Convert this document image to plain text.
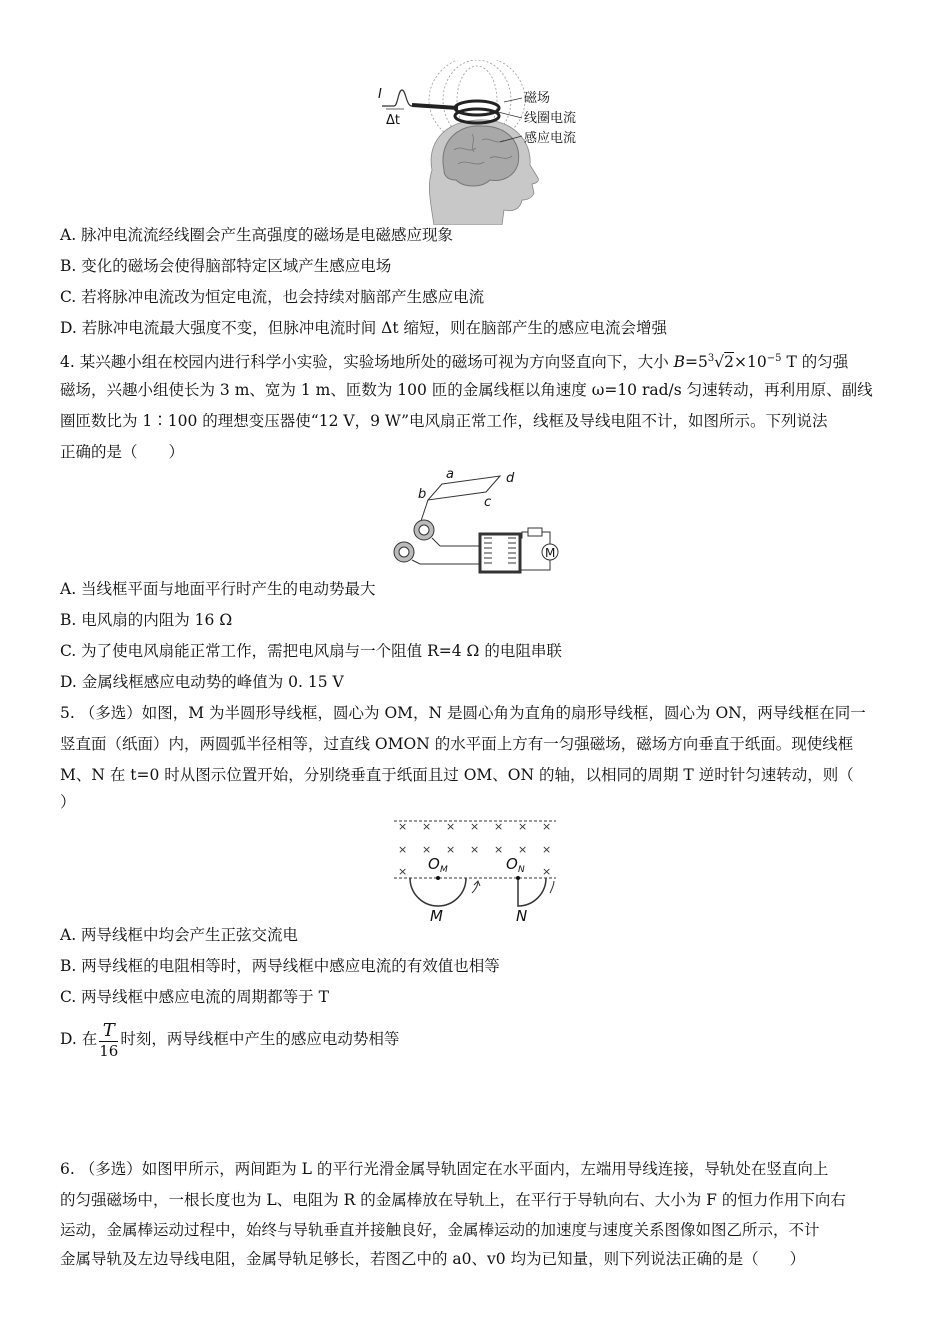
I
Δt
磁场
线圈电流
感应电流
A. 脉冲电流流经线圈会产生高强度的磁场是电磁感应现象
B. 变化的磁场会使得脑部特定区域产生感应电场
C. 若将脉冲电流改为恒定电流，也会持续对脑部产生感应电流
D. 若脉冲电流最大强度不变，但脉冲电流时间 Δt 缩短，则在脑部产生的感应电流会增强
4. 某兴趣小组在校园内进行科学小实验，实验场地所处的磁场可视为方向竖直向下，大小 $B=5^3√2\times 10^{-5}$ T 的匀强
磁场，兴趣小组使长为 3 m、宽为 1 m、匝数为 100 匝的金属线框以角速度 ω=10 rad/s 匀速转动，再利用原、副线
圈匝数比为 1∶100 的理想变压器使“12 V，9 W”电风扇正常工作，线框及导线电阻不计，如图所示。下列说法
正确的是（　　）
a
b
c
d
M
A. 当线框平面与地面平行时产生的电动势最大
B. 电风扇的内阻为 16 Ω
C. 为了使电风扇能正常工作，需把电风扇与一个阻值 R=4 Ω 的电阻串联
D. 金属线框感应电动势的峰值为 0. 15 V
5. （多选）如图，M 为半圆形导线框，圆心为 OM，N 是圆心角为直角的扇形导线框，圆心为 ON，两导线框在同一
竖直面（纸面）内，两圆弧半径相等，过直线 OMON 的水平面上方有一匀强磁场，磁场方向垂直于纸面。现使线框
M、N 在 t=0 时从图示位置开始，分别绕垂直于纸面且过 OM、ON 的轴，以相同的周期 T 逆时针匀速转动，则（
）
× × × × × × ×
× × × × × × ×
×	×
O M	O N
M	N
A. 两导线框中均会产生正弦交流电
B. 两导线框的电阻相等时，两导线框中感应电流的有效值也相等
C. 两导线框中感应电流的周期都等于 T
D. 在 $\frac{T}{16}$ 时刻，两导线框中产生的感应电动势相等
6. （多选）如图甲所示，两间距为 L 的平行光滑金属导轨固定在水平面内，左端用导线连接，导轨处在竖直向上
的匀强磁场中，一根长度也为 L、电阻为 R 的金属棒放在导轨上，在平行于导轨向右、大小为 F 的恒力作用下向右
运动，金属棒运动过程中，始终与导轨垂直并接触良好，金属棒运动的加速度与速度关系图像如图乙所示，不计
金属导轨及左边导线电阻，金属导轨足够长，若图乙中的 a0、v0 均为已知量，则下列说法正确的是（　　）
